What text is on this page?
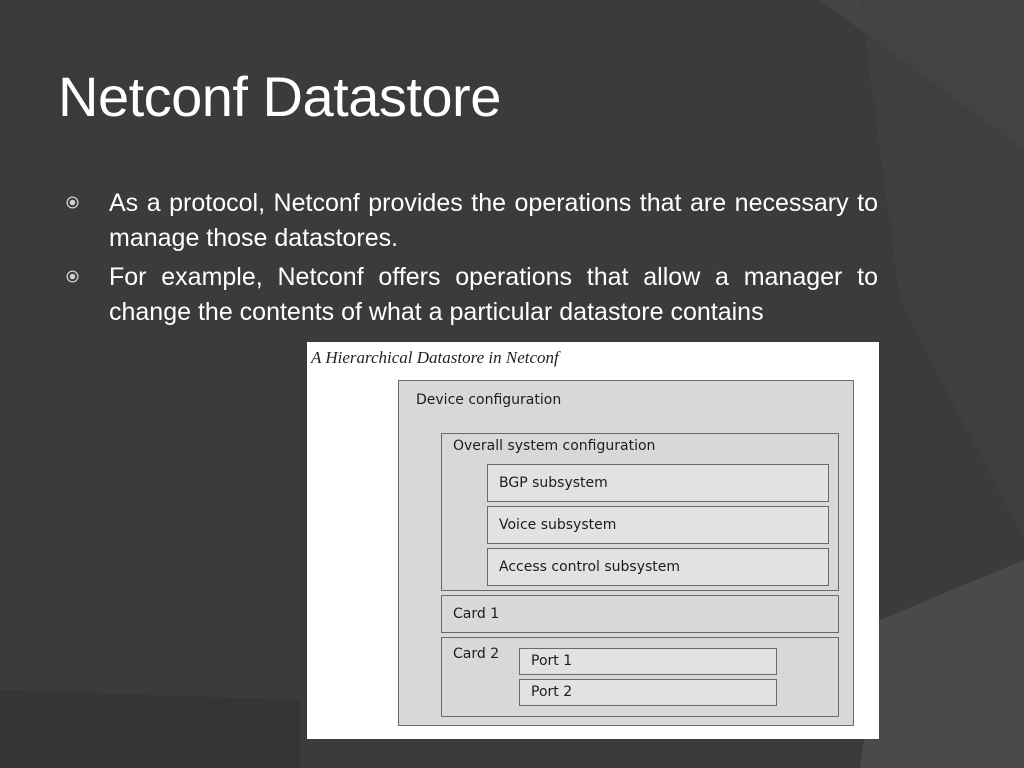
Netconf Datastore
As a protocol, Netconf provides the operations that are necessary to manage those datastores.
For example, Netconf offers operations that allow a manager to change the contents of what a particular datastore contains
A Hierarchical Datastore in Netconf
Device configuration
Overall system configuration
BGP subsystem
Voice subsystem
Access control subsystem
Card 1
Card 2 Port 1
Port 2
